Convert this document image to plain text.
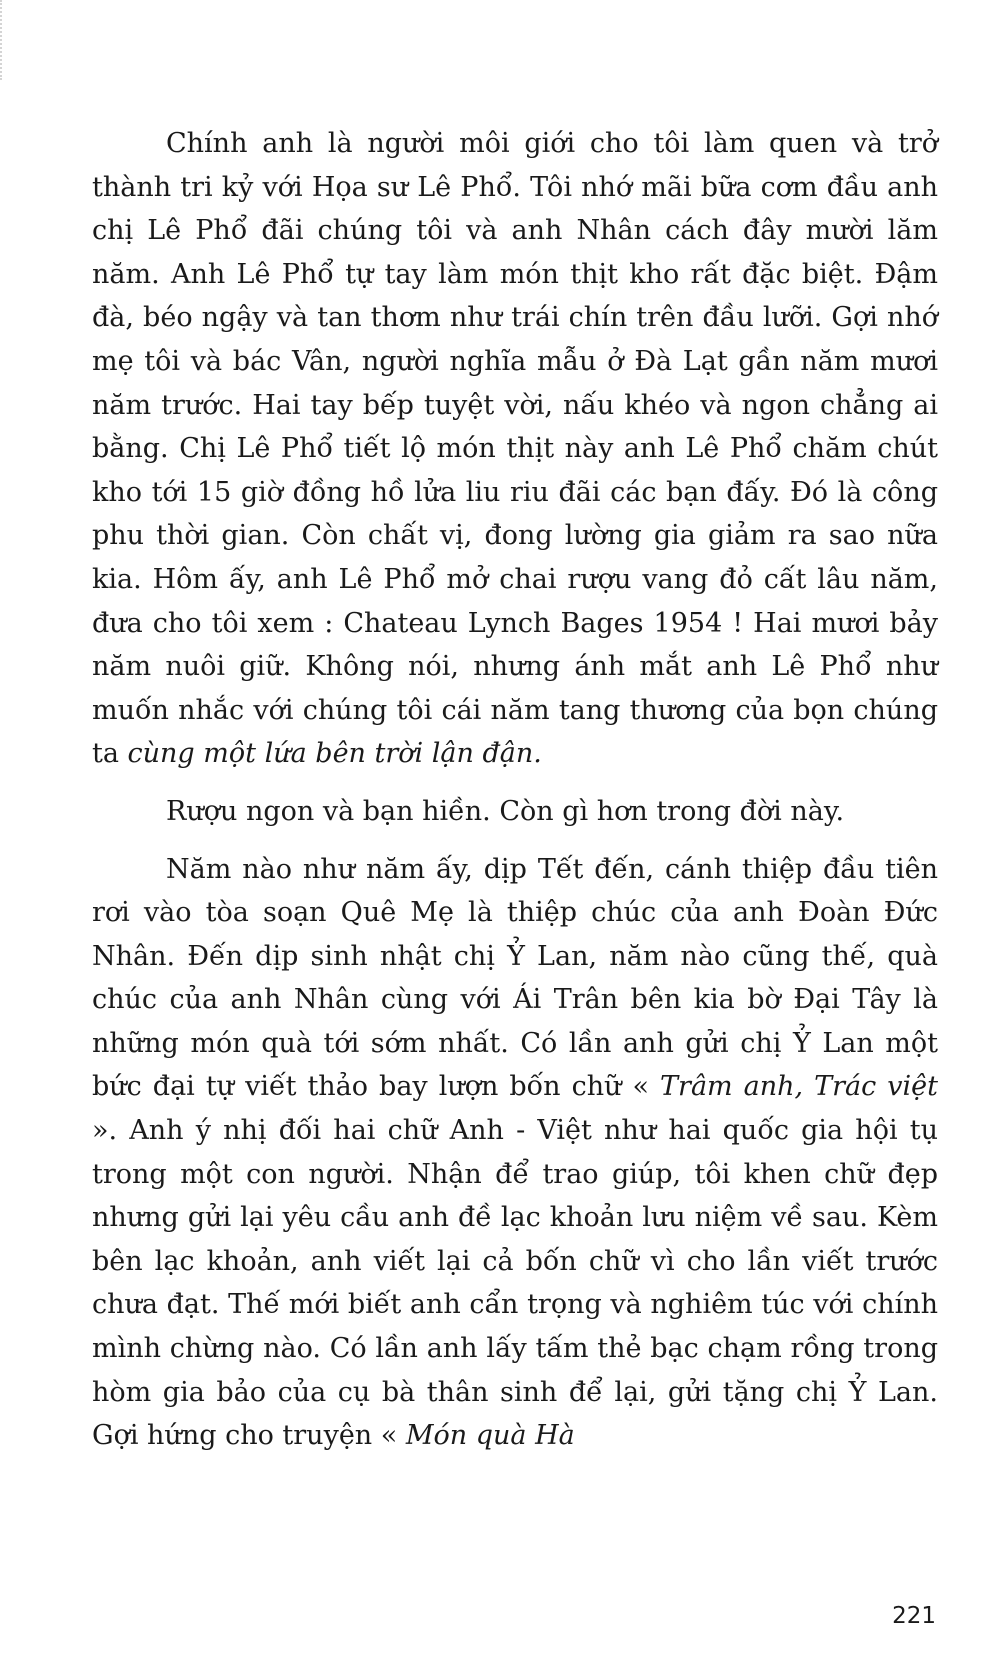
Chính anh là người môi giới cho tôi làm quen và trở thành tri kỷ với Họa sư Lê Phổ. Tôi nhớ mãi bữa cơm đầu anh chị Lê Phổ đãi chúng tôi và anh Nhân cách đây mười lăm năm. Anh Lê Phổ tự tay làm món thịt kho rất đặc biệt. Đậm đà, béo ngậy và tan thơm như trái chín trên đầu lưỡi. Gợi nhớ mẹ tôi và bác Vân, người nghĩa mẫu ở Đà Lạt gần năm mươi năm trước. Hai tay bếp tuyệt vời, nấu khéo và ngon chẳng ai bằng. Chị Lê Phổ tiết lộ món thịt này anh Lê Phổ chăm chút kho tới 15 giờ đồng hồ lửa liu riu đãi các bạn đấy. Đó là công phu thời gian. Còn chất vị, đong lường gia giảm ra sao nữa kia. Hôm ấy, anh Lê Phổ mở chai rượu vang đỏ cất lâu năm, đưa cho tôi xem : Chateau Lynch Bages 1954 ! Hai mươi bảy năm nuôi giữ. Không nói, nhưng ánh mắt anh Lê Phổ như muốn nhắc với chúng tôi cái năm tang thương của bọn chúng ta cùng một lứa bên trời lận đận.

Rượu ngon và bạn hiền. Còn gì hơn trong đời này.

Năm nào như năm ấy, dịp Tết đến, cánh thiệp đầu tiên rơi vào tòa soạn Quê Mẹ là thiệp chúc của anh Đoàn Đức Nhân. Đến dịp sinh nhật chị Ỷ Lan, năm nào cũng thế, quà chúc của anh Nhân cùng với Ái Trân bên kia bờ Đại Tây là những món quà tới sớm nhất. Có lần anh gửi chị Ỷ Lan một bức đại tự viết thảo bay lượn bốn chữ « Trâm anh, Trác việt ». Anh ý nhị đối hai chữ Anh - Việt như hai quốc gia hội tụ trong một con người. Nhận để trao giúp, tôi khen chữ đẹp nhưng gửi lại yêu cầu anh đề lạc khoản lưu niệm về sau. Kèm bên lạc khoản, anh viết lại cả bốn chữ vì cho lần viết trước chưa đạt. Thế mới biết anh cẩn trọng và nghiêm túc với chính mình chừng nào. Có lần anh lấy tấm thẻ bạc chạm rồng trong hòm gia bảo của cụ bà thân sinh để lại, gửi tặng chị Ỷ Lan. Gợi hứng cho truyện « Món quà Hà

221
